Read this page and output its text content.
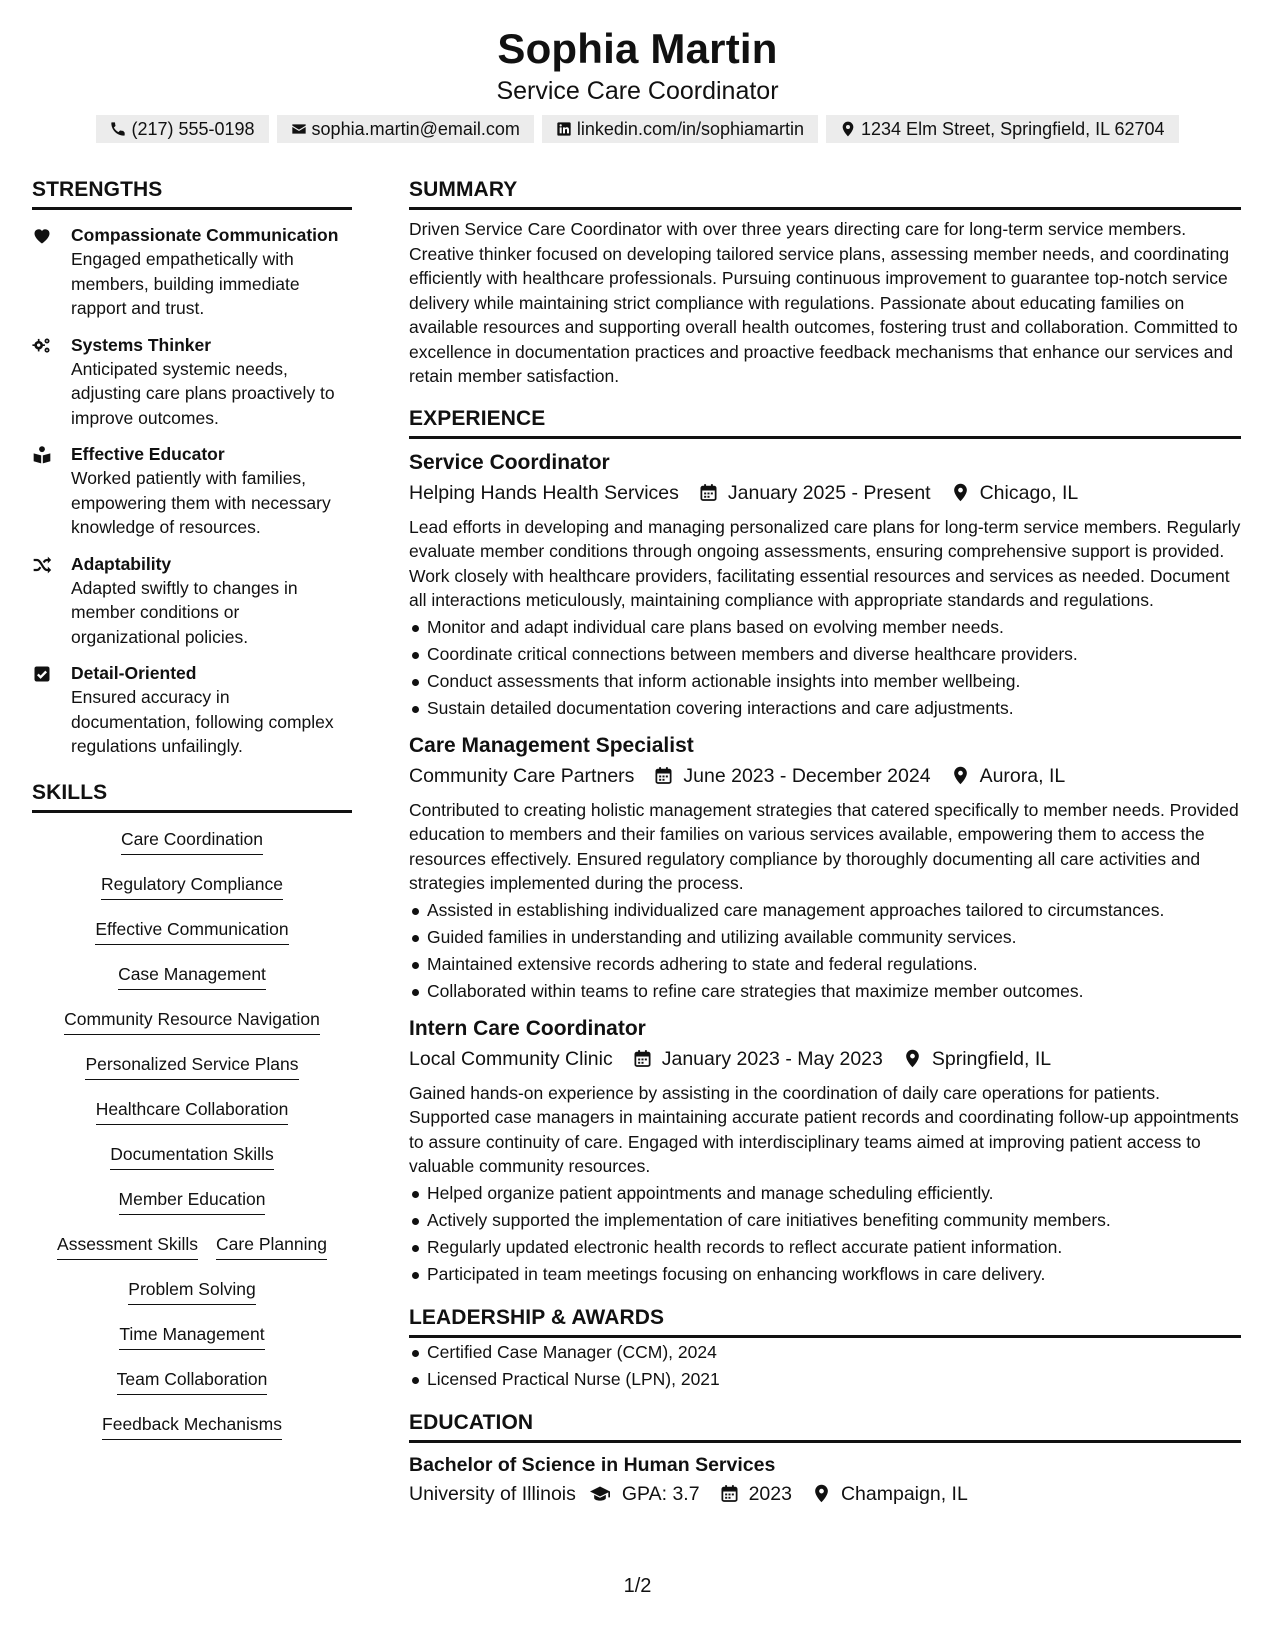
Sophia Martin
Service Care Coordinator
(217) 555-0198	sophia.martin@email.com	linkedin.com/in/sophiamartin	1234 Elm Street, Springfield, IL 62704
STRENGTHS
Compassionate Communication
Engaged empathetically with members, building immediate rapport and trust.
Systems Thinker
Anticipated systemic needs, adjusting care plans proactively to improve outcomes.
Effective Educator
Worked patiently with families, empowering them with necessary knowledge of resources.
Adaptability
Adapted swiftly to changes in member conditions or organizational policies.
Detail-Oriented
Ensured accuracy in documentation, following complex regulations unfailingly.
SKILLS
Care Coordination
Regulatory Compliance
Effective Communication
Case Management
Community Resource Navigation
Personalized Service Plans
Healthcare Collaboration
Documentation Skills
Member Education
Assessment Skills Care Planning
Problem Solving
Time Management
Team Collaboration
Feedback Mechanisms
SUMMARY
Driven Service Care Coordinator with over three years directing care for long-term service members. Creative thinker focused on developing tailored service plans, assessing member needs, and coordinating efficiently with healthcare professionals. Pursuing continuous improvement to guarantee top-notch service delivery while maintaining strict compliance with regulations. Passionate about educating families on available resources and supporting overall health outcomes, fostering trust and collaboration. Committed to excellence in documentation practices and proactive feedback mechanisms that enhance our services and retain member satisfaction.
EXPERIENCE
Service Coordinator
Helping Hands Health Services	January 2025 - Present	Chicago, IL
Lead efforts in developing and managing personalized care plans for long-term service members. Regularly evaluate member conditions through ongoing assessments, ensuring comprehensive support is provided. Work closely with healthcare providers, facilitating essential resources and services as needed. Document all interactions meticulously, maintaining compliance with appropriate standards and regulations.
Monitor and adapt individual care plans based on evolving member needs.
Coordinate critical connections between members and diverse healthcare providers.
Conduct assessments that inform actionable insights into member wellbeing.
Sustain detailed documentation covering interactions and care adjustments.
Care Management Specialist
Community Care Partners	June 2023 - December 2024	Aurora, IL
Contributed to creating holistic management strategies that catered specifically to member needs. Provided education to members and their families on various services available, empowering them to access the resources effectively. Ensured regulatory compliance by thoroughly documenting all care activities and strategies implemented during the process.
Assisted in establishing individualized care management approaches tailored to circumstances.
Guided families in understanding and utilizing available community services.
Maintained extensive records adhering to state and federal regulations.
Collaborated within teams to refine care strategies that maximize member outcomes.
Intern Care Coordinator
Local Community Clinic	January 2023 - May 2023	Springfield, IL
Gained hands-on experience by assisting in the coordination of daily care operations for patients. Supported case managers in maintaining accurate patient records and coordinating follow-up appointments to assure continuity of care. Engaged with interdisciplinary teams aimed at improving patient access to valuable community resources.
Helped organize patient appointments and manage scheduling efficiently.
Actively supported the implementation of care initiatives benefiting community members.
Regularly updated electronic health records to reflect accurate patient information.
Participated in team meetings focusing on enhancing workflows in care delivery.
LEADERSHIP & AWARDS
Certified Case Manager (CCM), 2024
Licensed Practical Nurse (LPN), 2021
EDUCATION
Bachelor of Science in Human Services
University of Illinois GPA: 3.7	2023	Champaign, IL
1/2
